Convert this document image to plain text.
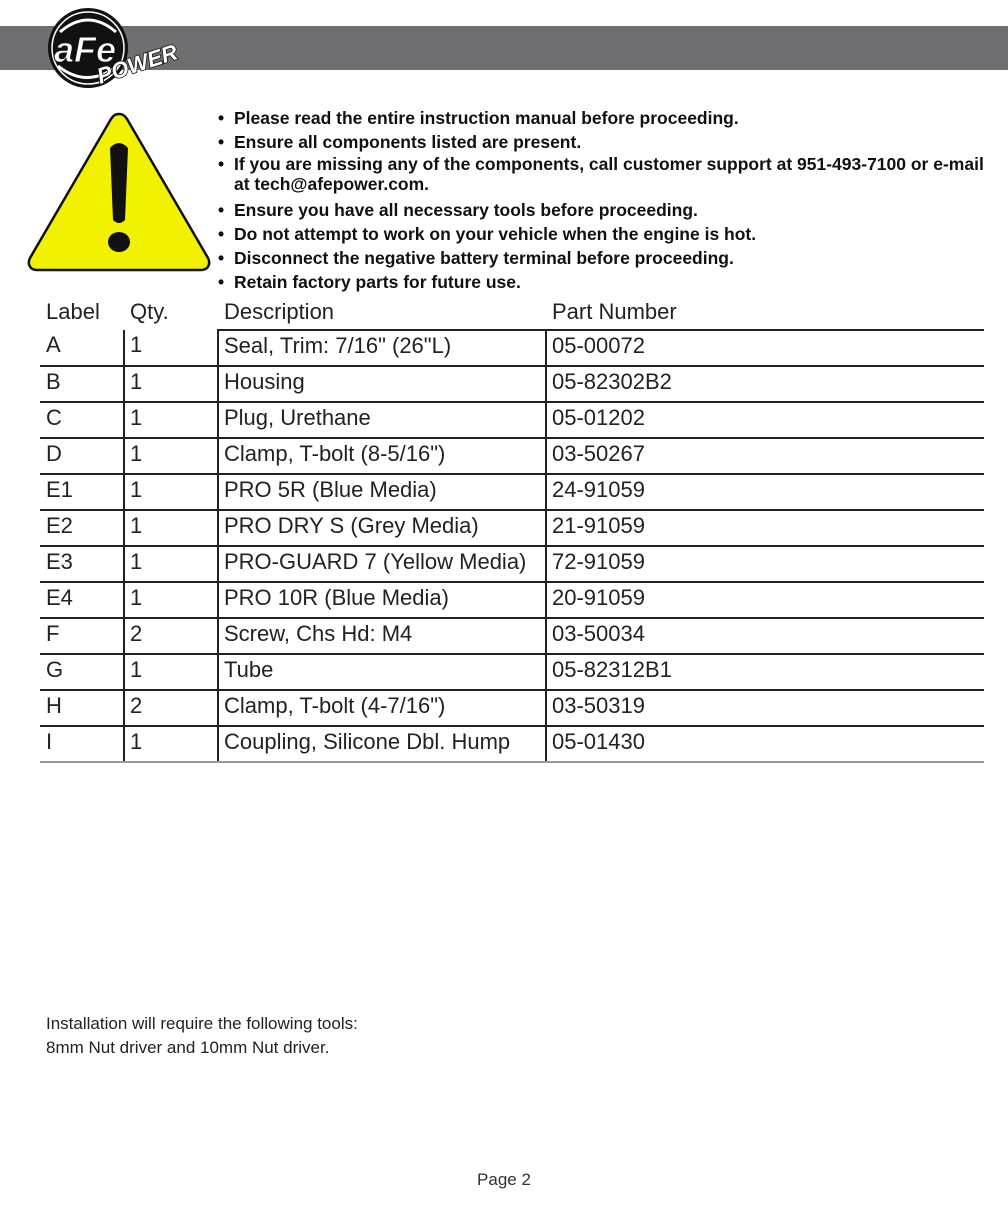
aFe
POWER
• Please read the entire instruction manual before proceeding.
• Ensure all components listed are present.
• If you are missing any of the components, call customer support at 951-493-7100 or e-mail at tech@afepower.com.
• Ensure you have all necessary tools before proceeding.
• Do not attempt to work on your vehicle when the engine is hot.
• Disconnect the negative battery terminal before proceeding.
• Retain factory parts for future use.
Label	Qty.	Description	Part Number
A	1	Seal, Trim: 7/16" (26"L)	05-00072
B	1	Housing	05-82302B2
C	1	Plug, Urethane	05-01202
D	1	Clamp, T-bolt (8-5/16")	03-50267
E1	1	PRO 5R (Blue Media)	24-91059
E2	1	PRO DRY S (Grey Media)	21-91059
E3	1	PRO-GUARD 7 (Yellow Media)	72-91059
E4	1	PRO 10R (Blue Media)	20-91059
F	2	Screw, Chs Hd: M4	03-50034
G	1	Tube	05-82312B1
H	2	Clamp, T-bolt (4-7/16")	03-50319
I	1	Coupling, Silicone Dbl. Hump	05-01430
Installation will require the following tools:
8mm Nut driver and 10mm Nut driver.
Page 2
